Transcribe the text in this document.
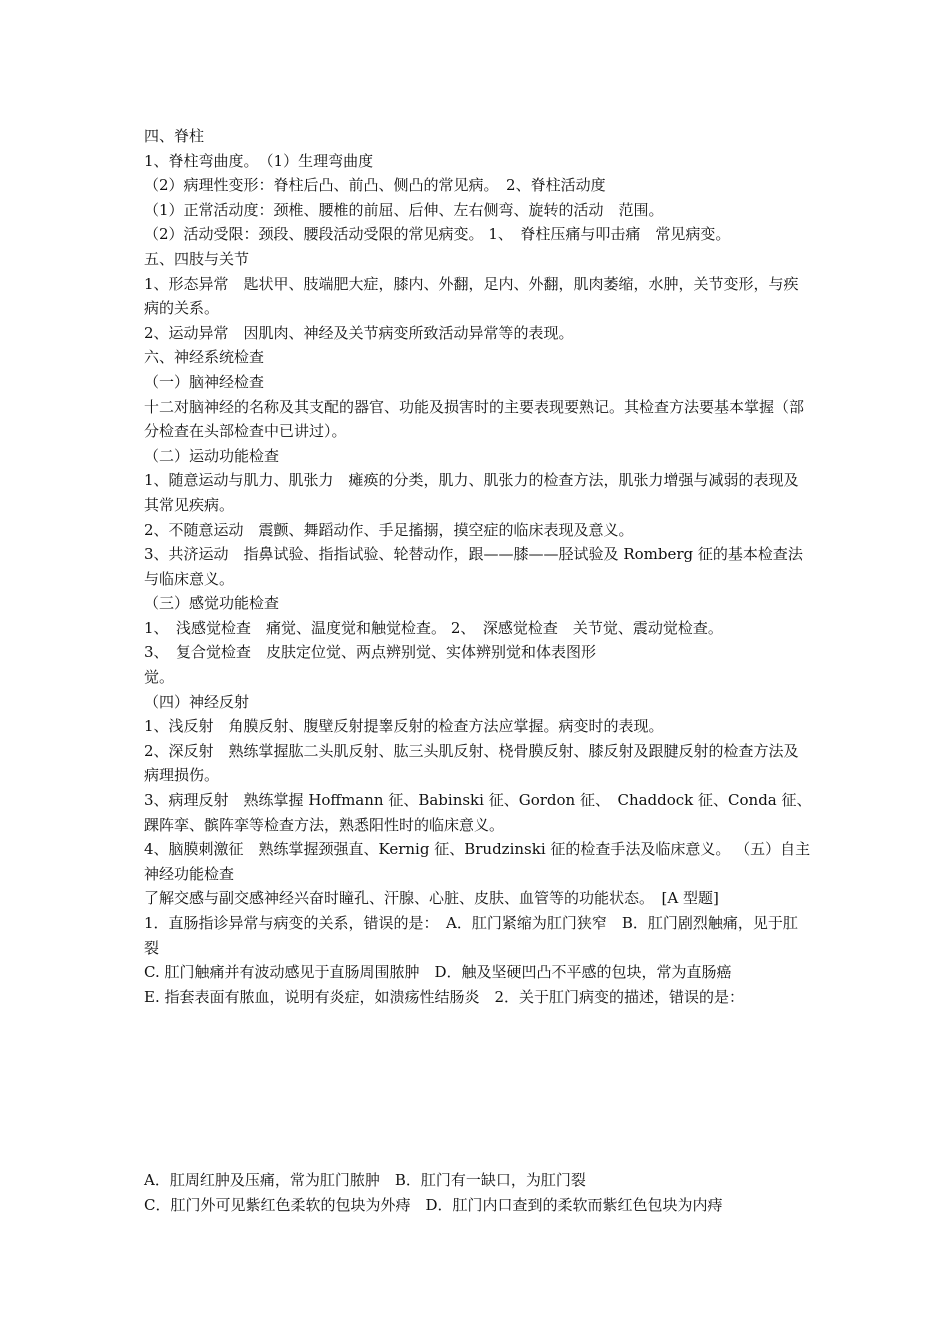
四、脊柱

1、脊柱弯曲度。　（1）生理弯曲度

（2）病理性变形：脊柱后凸、前凸、侧凸的常见病。　2、脊柱活动度

（1）正常活动度：颈椎、腰椎的前屈、后伸、左右侧弯、旋转的活动　范围。

（2）活动受限：颈段、腰段活动受限的常见病变。 1、　脊柱压痛与叩击痛　常见病变。

五、四肢与关节

1、形态异常　匙状甲、肢端肥大症，膝内、外翻，足内、外翻，肌肉萎缩，水肿，关节变形，与疾病的关系。

2、运动异常　因肌肉、神经及关节病变所致活动异常等的表现。

六、神经系统检查

（一）脑神经检查

十二对脑神经的名称及其支配的器官、功能及损害时的主要表现要熟记。其检查方法要基本掌握（部分检查在头部检查中已讲过）。

（二）运动功能检查

1、随意运动与肌力、肌张力　瘫痪的分类，肌力、肌张力的检查方法，肌张力增强与减弱的表现及其常见疾病。

2、不随意运动　震颤、舞蹈动作、手足搐搦，摸空症的临床表现及意义。

3、共济运动　指鼻试验、指指试验、轮替动作，跟——膝——胫试验及 Romberg 征的基本检查法与临床意义。

（三）感觉功能检查

1、　浅感觉检查　痛觉、温度觉和触觉检查。 2、　深感觉检查　关节觉、震动觉检查。

3、　复合觉检查　皮肤定位觉、两点辨别觉、实体辨别觉和体表图形

觉。

（四）神经反射

1、浅反射　角膜反射、腹壁反射提睾反射的检查方法应掌握。病变时的表现。

2、深反射　熟练掌握肱二头肌反射、肱三头肌反射、桡骨膜反射、膝反射及跟腱反射的检查方法及病理损伤。

3、病理反射　熟练掌握 Hoffmann 征、Babinski 征、Gordon 征、　Chaddock 征、Conda 征、踝阵挛、髌阵挛等检查方法，熟悉阳性时的临床意义。

4、脑膜刺激征　熟练掌握颈强直、Kernig 征、Brudzinski 征的检查手法及临床意义。 （五）自主神经功能检查

了解交感与副交感神经兴奋时瞳孔、汗腺、心脏、皮肤、血管等的功能状态。　[A 型题]

1．直肠指诊异常与病变的关系，错误的是：　A．肛门紧缩为肛门狭窄　B．肛门剧烈触痛，见于肛裂

C. 肛门触痛并有波动感见于直肠周围脓肿　D．触及坚硬凹凸不平感的包块，常为直肠癌

E. 指套表面有脓血，说明有炎症，如溃疡性结肠炎　2．关于肛门病变的描述，错误的是：

A．肛周红肿及压痛，常为肛门脓肿　B．肛门有一缺口，为肛门裂

C．肛门外可见紫红色柔软的包块为外痔　D．肛门内口查到的柔软而紫红色包块为内痔
